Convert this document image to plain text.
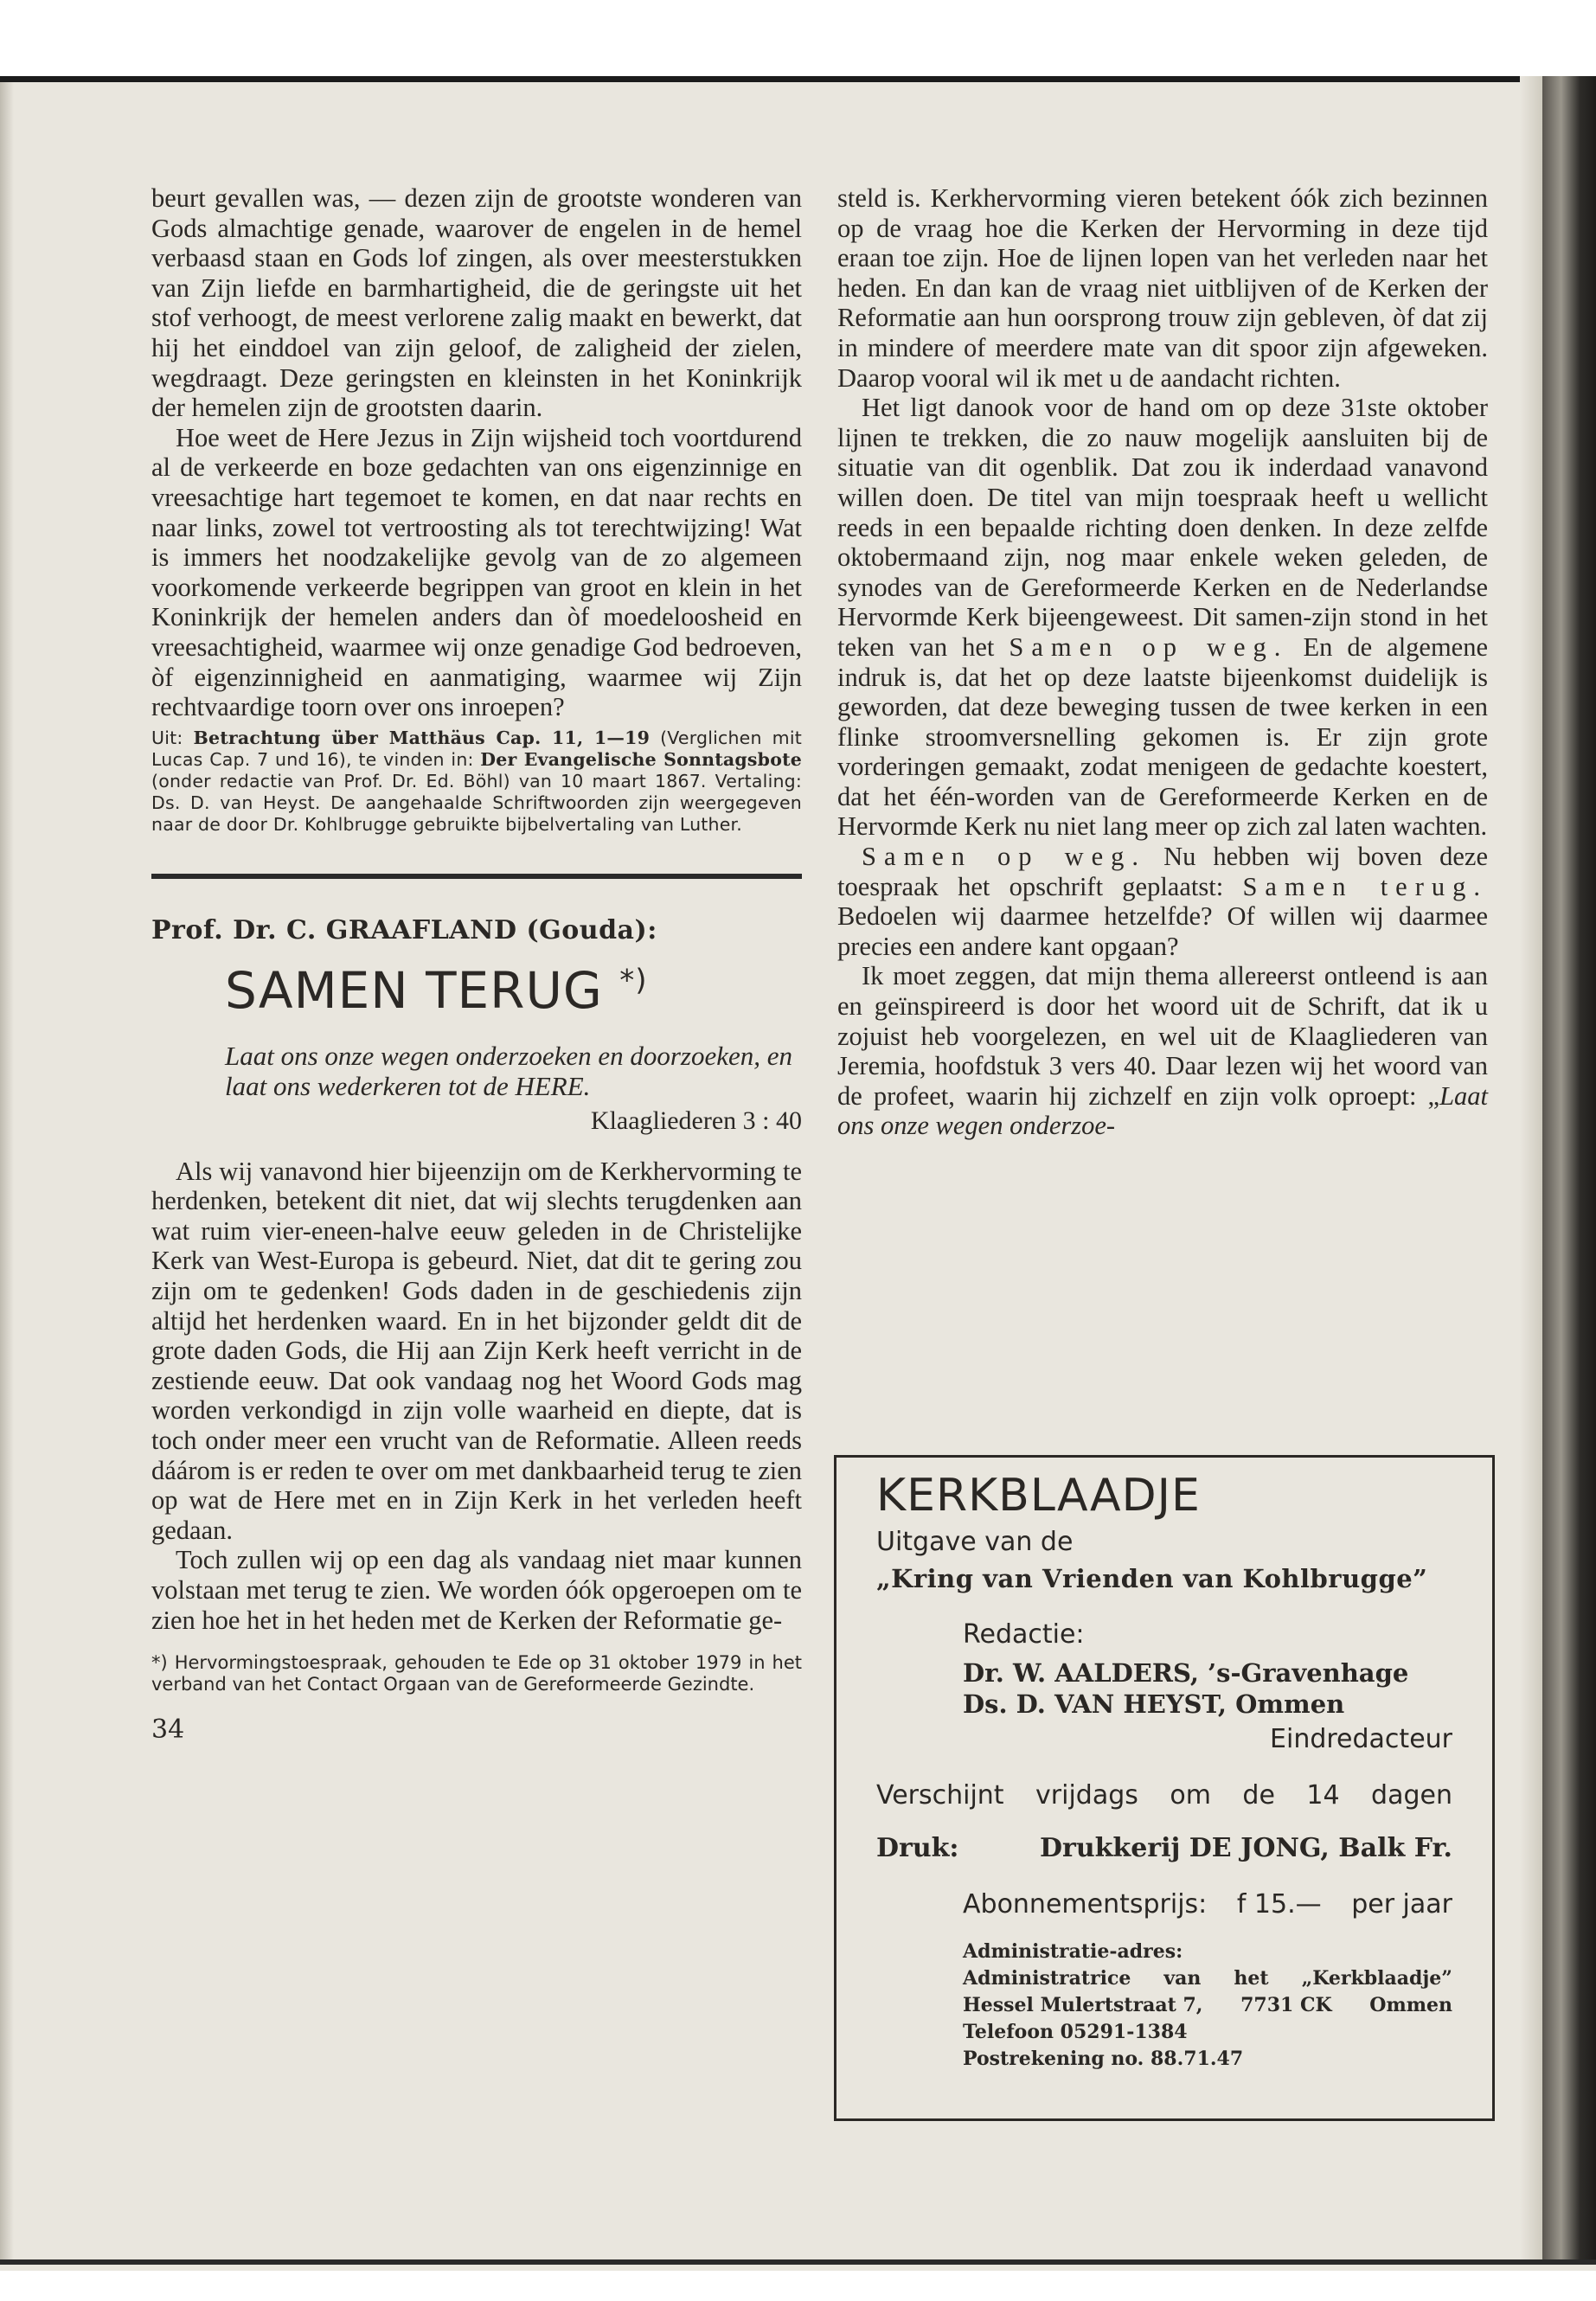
beurt gevallen was, — dezen zijn de grootste wonderen van Gods almachtige genade, waarover de engelen in de hemel verbaasd staan en Gods lof zingen, als over meesterstukken van Zijn liefde en barmhartigheid, die de geringste uit het stof verhoogt, de meest verlorene zalig maakt en bewerkt, dat hij het einddoel van zijn geloof, de zaligheid der zielen, wegdraagt. Deze geringsten en kleinsten in het Koninkrijk der hemelen zijn de grootsten daarin.

Hoe weet de Here Jezus in Zijn wijsheid toch voortdurend al de verkeerde en boze gedachten van ons eigenzinnige en vreesachtige hart tegemoet te komen, en dat naar rechts en naar links, zowel tot vertroosting als tot terechtwijzing! Wat is immers het noodzakelijke gevolg van de zo algemeen voorkomende verkeerde begrippen van groot en klein in het Koninkrijk der hemelen anders dan òf moedeloosheid en vreesachtigheid, waarmee wij onze genadige God bedroeven, òf eigenzinnigheid en aanmatiging, waarmee wij Zijn rechtvaardige toorn over ons inroepen?

Uit: Betrachtung über Matthäus Cap. 11, 1—19 (Verglichen mit Lucas Cap. 7 und 16), te vinden in: Der Evangelische Sonntagsbote (onder redactie van Prof. Dr. Ed. Böhl) van 10 maart 1867. Vertaling: Ds. D. van Heyst. De aangehaalde Schriftwoorden zijn weergegeven naar de door Dr. Kohlbrugge gebruikte bijbelvertaling van Luther.

Prof. Dr. C. GRAAFLAND (Gouda):

SAMEN TERUG *)

Laat ons onze wegen onderzoeken en doorzoeken, en laat ons wederkeren tot de HERE.

Klaagliederen 3 : 40

Als wij vanavond hier bijeenzijn om de Kerkhervorming te herdenken, betekent dit niet, dat wij slechts terugdenken aan wat ruim vier-eneen-halve eeuw geleden in de Christelijke Kerk van West-Europa is gebeurd. Niet, dat dit te gering zou zijn om te gedenken! Gods daden in de geschiedenis zijn altijd het herdenken waard. En in het bijzonder geldt dit de grote daden Gods, die Hij aan Zijn Kerk heeft verricht in de zestiende eeuw. Dat ook vandaag nog het Woord Gods mag worden verkondigd in zijn volle waarheid en diepte, dat is toch onder meer een vrucht van de Reformatie. Alleen reeds dáárom is er reden te over om met dankbaarheid terug te zien op wat de Here met en in Zijn Kerk in het verleden heeft gedaan.

Toch zullen wij op een dag als vandaag niet maar kunnen volstaan met terug te zien. We worden óók opgeroepen om te zien hoe het in het heden met de Kerken der Reformatie ge-

*) Hervormingstoespraak, gehouden te Ede op 31 oktober 1979 in het verband van het Contact Orgaan van de Gereformeerde Gezindte.

34

steld is. Kerkhervorming vieren betekent óók zich bezinnen op de vraag hoe die Kerken der Hervorming in deze tijd eraan toe zijn. Hoe de lijnen lopen van het verleden naar het heden. En dan kan de vraag niet uitblijven of de Kerken der Reformatie aan hun oorsprong trouw zijn gebleven, òf dat zij in mindere of meerdere mate van dit spoor zijn afgeweken. Daarop vooral wil ik met u de aandacht richten.

Het ligt danook voor de hand om op deze 31ste oktober lijnen te trekken, die zo nauw mogelijk aansluiten bij de situatie van dit ogenblik. Dat zou ik inderdaad vanavond willen doen. De titel van mijn toespraak heeft u wellicht reeds in een bepaalde richting doen denken. In deze zelfde oktobermaand zijn, nog maar enkele weken geleden, de synodes van de Gereformeerde Kerken en de Nederlandse Hervormde Kerk bijeengeweest. Dit samen-zijn stond in het teken van het Samen op weg. En de algemene indruk is, dat het op deze laatste bijeenkomst duidelijk is geworden, dat deze beweging tussen de twee kerken in een flinke stroomversnelling gekomen is. Er zijn grote vorderingen gemaakt, zodat menigeen de gedachte koestert, dat het één-worden van de Gereformeerde Kerken en de Hervormde Kerk nu niet lang meer op zich zal laten wachten.

Samen op weg. Nu hebben wij boven deze toespraak het opschrift geplaatst: Samen terug. Bedoelen wij daarmee hetzelfde? Of willen wij daarmee precies een andere kant opgaan?

Ik moet zeggen, dat mijn thema allereerst ontleend is aan en geïnspireerd is door het woord uit de Schrift, dat ik u zojuist heb voorgelezen, en wel uit de Klaagliederen van Jeremia, hoofdstuk 3 vers 40. Daar lezen wij het woord van de profeet, waarin hij zichzelf en zijn volk oproept: „Laat ons onze wegen onderzoe-

KERKBLAADJE

Uitgave van de

„Kring van Vrienden van Kohlbrugge”

Redactie:

Dr. W. AALDERS, ’s-Gravenhage

Ds. D. VAN HEYST, Ommen

Eindredacteur

Verschijnt vrijdags om de 14 dagen
Druk:	Drukkerij DE JONG, Balk Fr.
Abonnementsprijs: f 15.— per jaar

Administratie-adres:

Administratrice van het „Kerkblaadje”
Hessel Mulertstraat 7, 7731 CK Ommen

Telefoon 05291-1384

Postrekening no. 88.71.47
